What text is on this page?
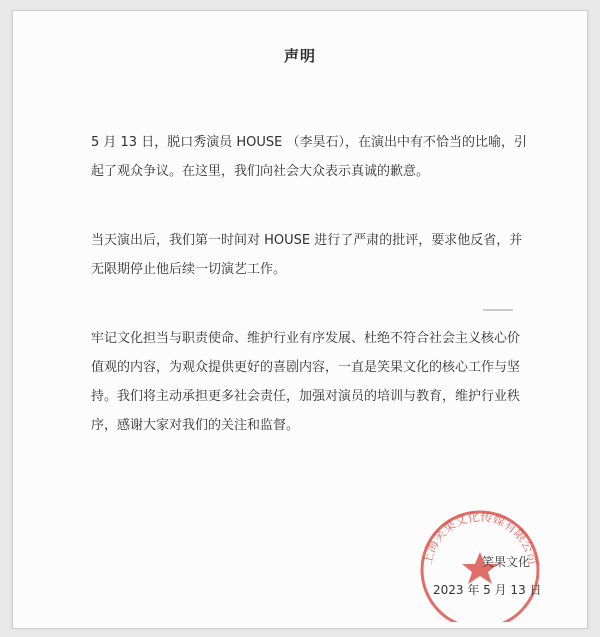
声明

5 月 13 日，脱口秀演员 HOUSE （李昊石），在演出中有不恰当的比喻，引起了观众争议。在这里，我们向社会大众表示真诚的歉意。

当天演出后，我们第一时间对 HOUSE 进行了严肃的批评，要求他反省，并无限期停止他后续一切演艺工作。

牢记文化担当与职责使命、维护行业有序发展、杜绝不符合社会主义核心价值观的内容，为观众提供更好的喜剧内容，一直是笑果文化的核心工作与坚持。我们将主动承担更多社会责任，加强对演员的培训与教育，维护行业秩序，感谢大家对我们的关注和监督。

上海笑果文化传媒有限公司
笑果文化
2023 年 5 月 13 日
